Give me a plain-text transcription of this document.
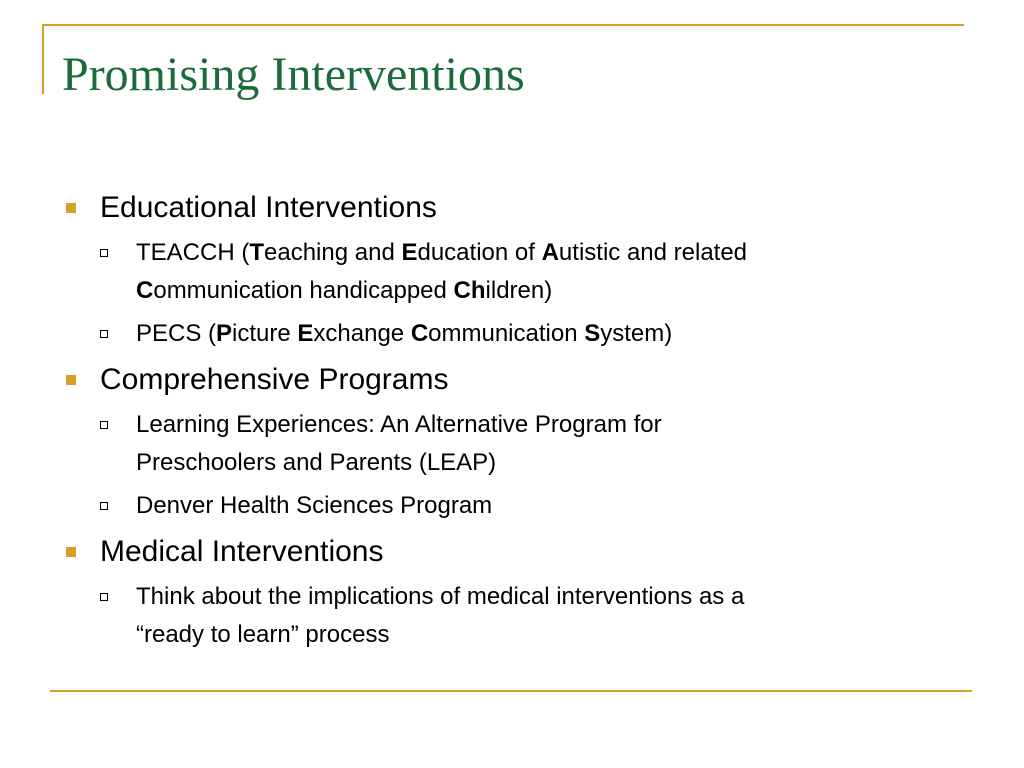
Promising Interventions
Educational Interventions
TEACCH (Teaching and Education of Autistic and related
Communication handicapped Children)
PECS (Picture Exchange Communication System)
Comprehensive Programs
Learning Experiences: An Alternative Program for
Preschoolers and Parents (LEAP)
Denver Health Sciences Program
Medical Interventions
Think about the implications of medical interventions as a
“ready to learn” process
